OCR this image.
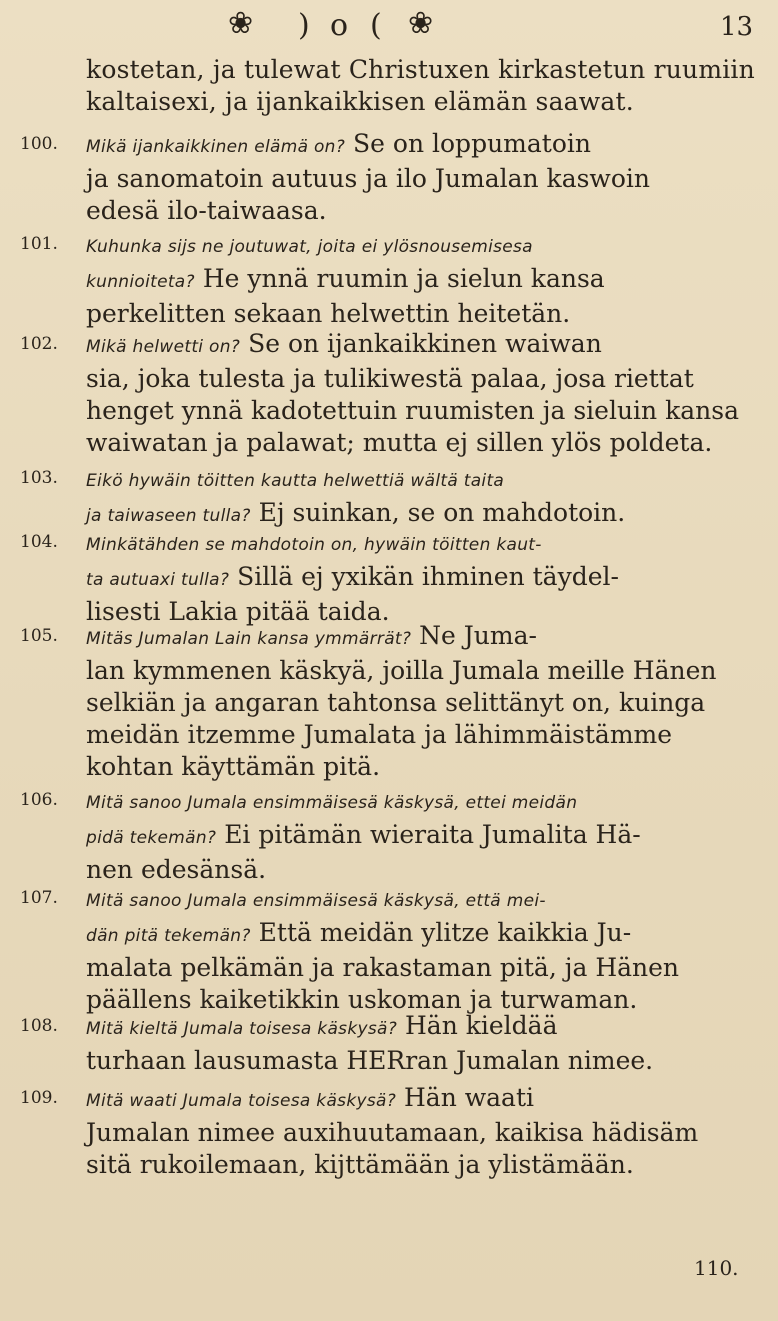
❀ ) o ( ❀	13
kostetan, ja tulewat Christuxen kirkastetun ruumiin
kaltaisexi, ja ijankaikkisen elämän saawat.
100.	Mikä ijankaikkinen elämä on? Se on loppumatoin
ja sanomatoin autuus ja ilo Jumalan kaswoin
edesä ilo-taiwaasa.
101.	Kuhunka sijs ne joutuwat, joita ei ylösnousemisesa
kunnioiteta? He ynnä ruumin ja sielun kansa
perkelitten sekaan helwettin heitetän.
102.	Mikä helwetti on? Se on ijankaikkinen waiwan
sia, joka tulesta ja tulikiwestä palaa, josa riettat
henget ynnä kadotettuin ruumisten ja sieluin kansa
waiwatan ja palawat; mutta ej sillen ylös poldeta.
103.	Eikö hywäin töitten kautta helwettiä wältä taita
ja taiwaseen tulla? Ej suinkan, se on mahdotoin.
104.	Minkätähden se mahdotoin on, hywäin töitten kaut-
ta autuaxi tulla? Sillä ej yxikän ihminen täydel-
lisesti Lakia pitää taida.
105.	Mitäs Jumalan Lain kansa ymmärrät? Ne Juma-
lan kymmenen käskyä, joilla Jumala meille Hänen
selkiän ja angaran tahtonsa selittänyt on, kuinga
meidän itzemme Jumalata ja lähimmäistämme
kohtan käyttämän pitä.
106.	Mitä sanoo Jumala ensimmäisesä käskysä, ettei meidän
pidä tekemän? Ei pitämän wieraita Jumalita Hä-
nen edesänsä.
107.	Mitä sanoo Jumala ensimmäisesä käskysä, että mei-
dän pitä tekemän? Että meidän ylitze kaikkia Ju-
malata pelkämän ja rakastaman pitä, ja Hänen
päällens kaiketikkin uskoman ja turwaman.
108.	Mitä kieltä Jumala toisesa käskysä? Hän kieldää
turhaan lausumasta HERran Jumalan nimee.
109.	Mitä waati Jumala toisesa käskysä? Hän waati
Jumalan nimee auxihuutamaan, kaikisa hädisäm
sitä rukoilemaan, kijttämään ja ylistämään.
110.
